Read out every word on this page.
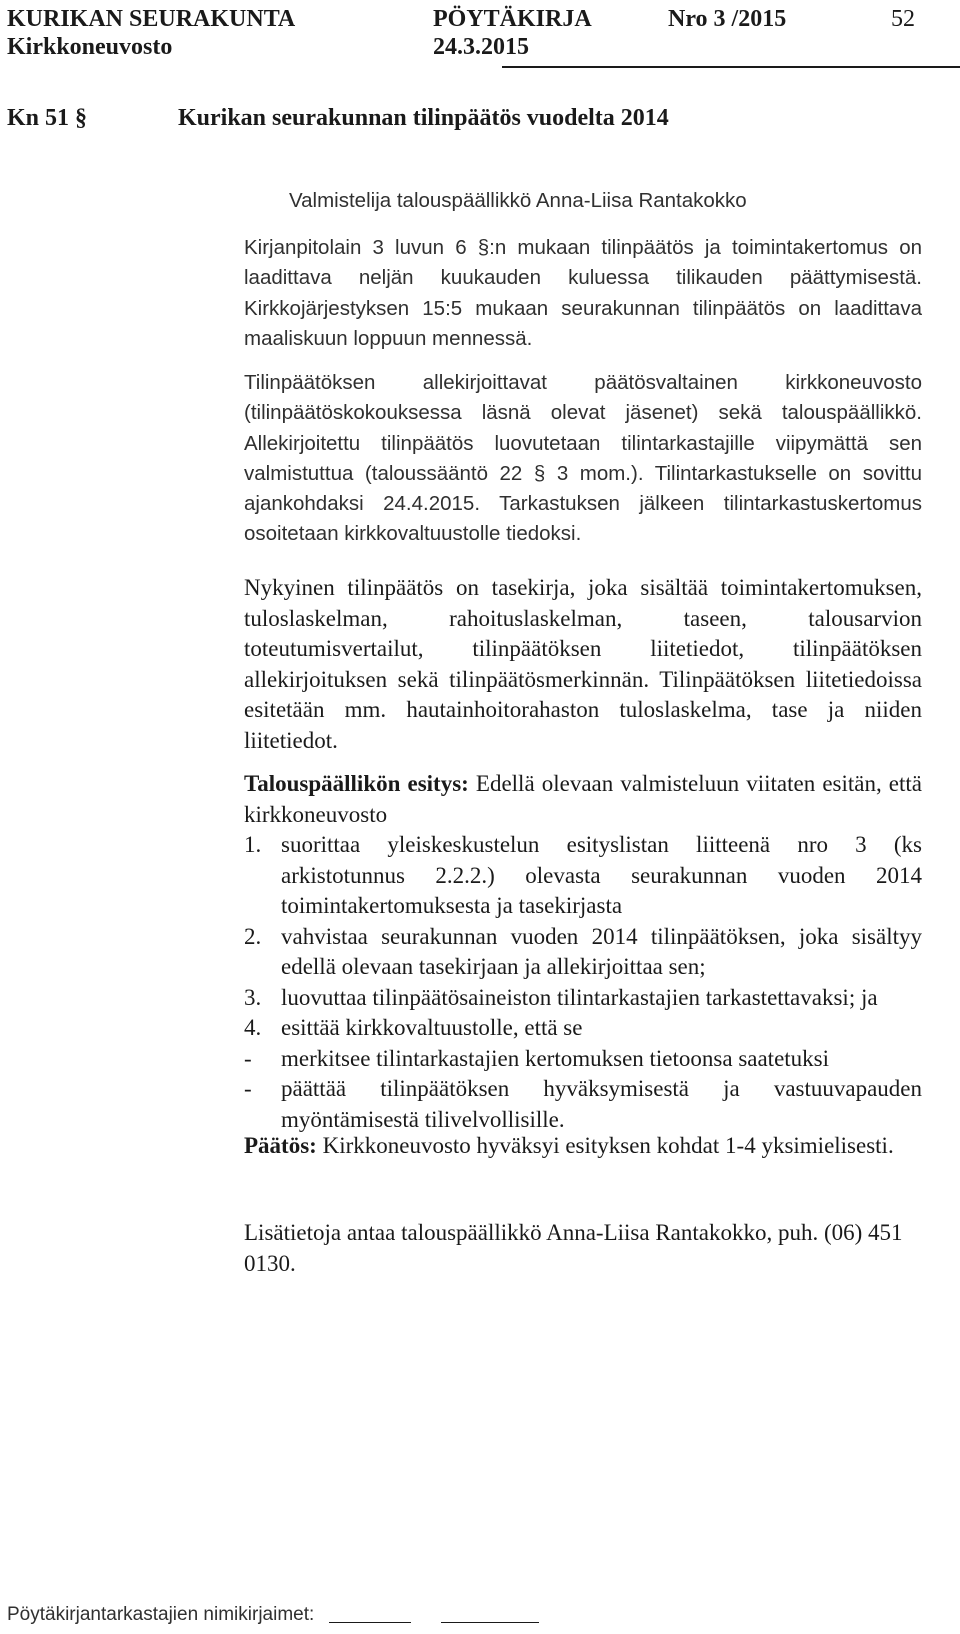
KURIKAN SEURAKUNTA	PÖYTÄKIRJA	Nro 3 /2015	52
Kirkkoneuvosto	24.3.2015
Kn 51 §	Kurikan seurakunnan tilinpäätös vuodelta 2014
Valmistelija talouspäällikkö Anna-Liisa Rantakokko
Kirjanpitolain 3 luvun 6 §:n mukaan tilinpäätös ja toimintakertomus on laadittava neljän kuukauden kuluessa tilikauden päättymisestä. Kirkkojärjestyksen 15:5 mukaan seurakunnan tilinpäätös on laadittava maaliskuun loppuun mennessä.
Tilinpäätöksen allekirjoittavat päätösvaltainen kirkkoneuvosto (tilinpäätöskokouksessa läsnä olevat jäsenet) sekä talouspäällikkö. Allekirjoitettu tilinpäätös luovutetaan tilintarkastajille viipymättä sen valmistuttua (taloussääntö 22 § 3 mom.). Tilintarkastukselle on sovittu ajankohdaksi 24.4.2015. Tarkastuksen jälkeen tilintarkastuskertomus osoitetaan kirkkovaltuustolle tiedoksi.
Nykyinen tilinpäätös on tasekirja, joka sisältää toimintakertomuksen, tuloslaskelman, rahoituslaskelman, taseen, talousarvion toteutumisvertailut, tilinpäätöksen liitetiedot, tilinpäätöksen allekirjoituksen sekä tilinpäätösmerkinnän. Tilinpäätöksen liitetiedoissa esitetään mm. hautainhoitorahaston tuloslaskelma, tase ja niiden liitetiedot.
Talouspäällikön esitys: Edellä olevaan valmisteluun viitaten esitän, että kirkkoneuvosto
1. suorittaa yleiskeskustelun esityslistan liitteenä nro 3 (ks arkistotunnus 2.2.2.) olevasta seurakunnan vuoden 2014 toimintakertomuksesta ja tasekirjasta
2. vahvistaa seurakunnan vuoden 2014 tilinpäätöksen, joka sisältyy edellä olevaan tasekirjaan ja allekirjoittaa sen;
3. luovuttaa tilinpäätösaineiston tilintarkastajien tarkastettavaksi; ja
4. esittää kirkkovaltuustolle, että se
-	merkitsee tilintarkastajien kertomuksen tietoonsa saatetuksi
-	päättää tilinpäätöksen hyväksymisestä ja vastuuvapauden myöntämisestä tilivelvollisille.
Päätös: Kirkkoneuvosto hyväksyi esityksen kohdat 1-4 yksimielisesti.
Lisätietoja antaa talouspäällikkö Anna-Liisa Rantakokko, puh. (06) 451 0130.
Pöytäkirjantarkastajien nimikirjaimet:
